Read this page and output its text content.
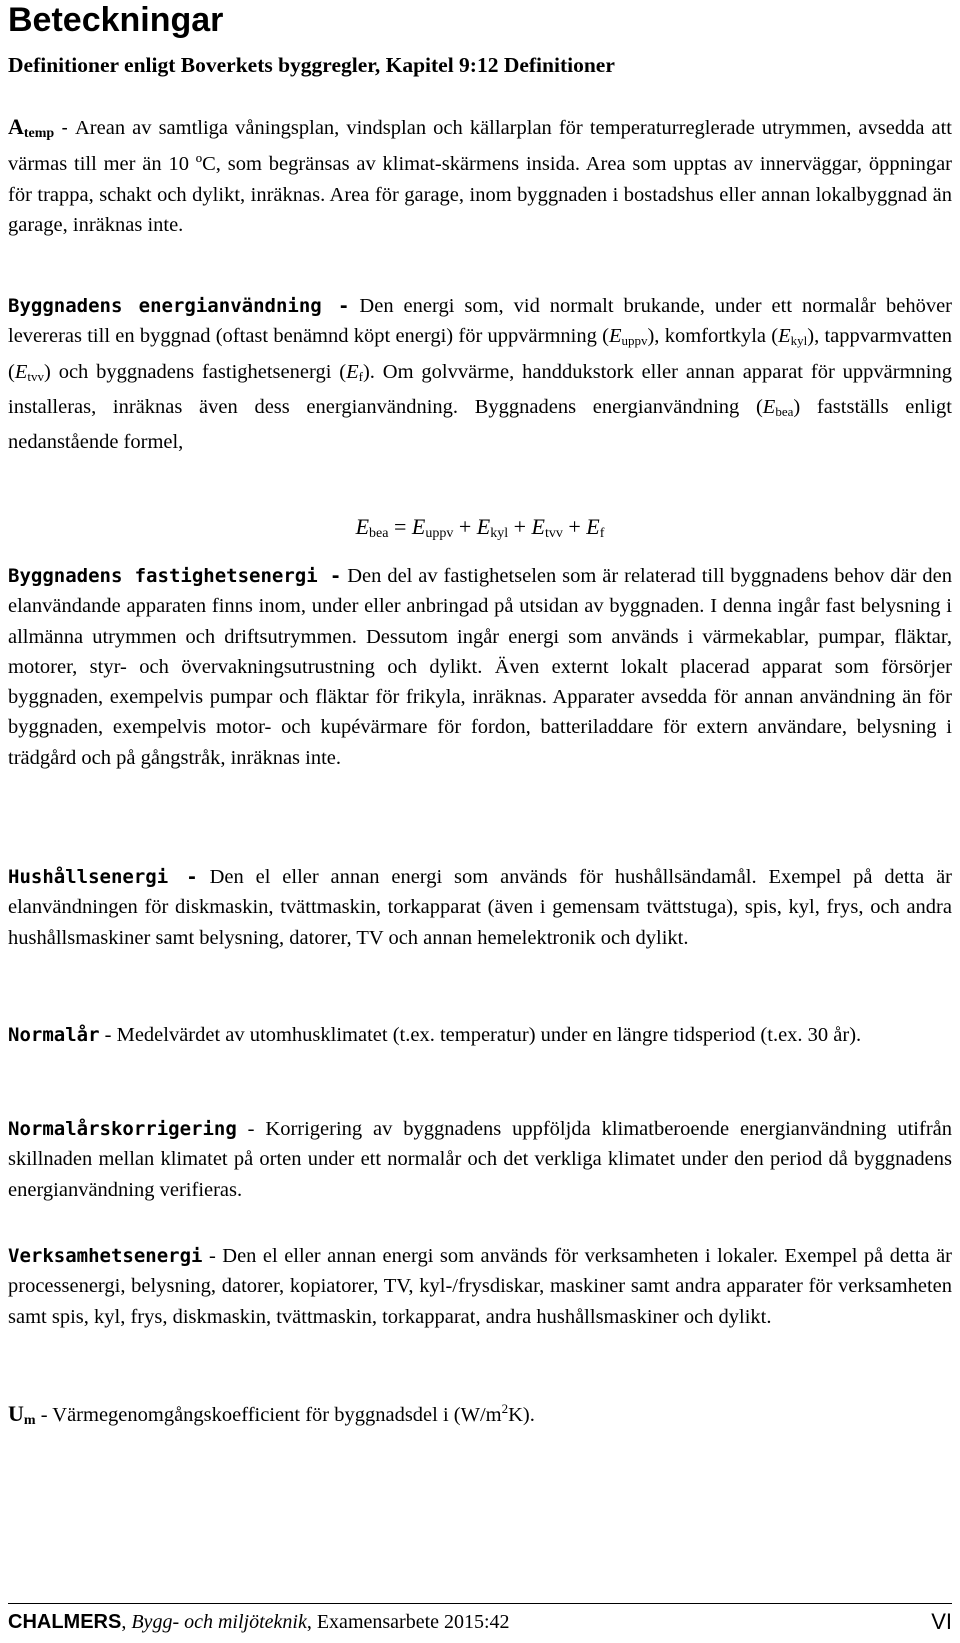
Beteckningar

Definitioner enligt Boverkets byggregler, Kapitel 9:12 Definitioner

$A_{temp}$ - Arean av samtliga våningsplan, vindsplan och källarplan för temperaturreglerade utrymmen, avsedda att värmas till mer än 10 ºC, som begränsas av klimat-skärmens insida. Area som upptas av innerväggar, öppningar för trappa, schakt och dylikt, inräknas. Area för garage, inom byggnaden i bostadshus eller annan lokalbyggnad än garage, inräknas inte.

Byggnadens energianvändning - Den energi som, vid normalt brukande, under ett normalår behöver levereras till en byggnad (oftast benämnd köpt energi) för uppvärmning $(E_{uppv})$, komfortkyla $(E_{kyl})$, tappvarmvatten $(E_{tvv})$ och byggnadens fastighetsenergi $(E_f)$. Om golvvärme, handdukstork eller annan apparat för uppvärmning installeras, inräknas även dess energianvändning. Byggnadens energianvändning $(E_{bea})$ fastställs enligt nedanstående formel,

$E_{bea} = E_{uppv} + E_{kyl} + E_{tvv} + E_f$

Byggnadens fastighetsenergi - Den del av fastighetselen som är relaterad till byggnadens behov där den elanvändande apparaten finns inom, under eller anbringad på utsidan av byggnaden. I denna ingår fast belysning i allmänna utrymmen och driftsutrymmen. Dessutom ingår energi som används i värmekablar, pumpar, fläktar, motorer, styr- och övervakningsutrustning och dylikt. Även externt lokalt placerad apparat som försörjer byggnaden, exempelvis pumpar och fläktar för frikyla, inräknas. Apparater avsedda för annan användning än för byggnaden, exempelvis motor- och kupévärmare för fordon, batteriladdare för extern användare, belysning i trädgård och på gångstråk, inräknas inte.

Hushållsenergi - Den el eller annan energi som används för hushållsändamål. Exempel på detta är elanvändningen för diskmaskin, tvättmaskin, torkapparat (även i gemensam tvättstuga), spis, kyl, frys, och andra hushållsmaskiner samt belysning, datorer, TV och annan hemelektronik och dylikt.

Normalår - Medelvärdet av utomhusklimatet (t.ex. temperatur) under en längre tidsperiod (t.ex. 30 år).

Normalårskorrigering - Korrigering av byggnadens uppföljda klimatberoende energianvändning utifrån skillnaden mellan klimatet på orten under ett normalår och det verkliga klimatet under den period då byggnadens energianvändning verifieras.

Verksamhetsenergi - Den el eller annan energi som används för verksamheten i lokaler. Exempel på detta är processenergi, belysning, datorer, kopiatorer, TV, kyl-/frysdiskar, maskiner samt andra apparater för verksamheten samt spis, kyl, frys, diskmaskin, tvättmaskin, torkapparat, andra hushållsmaskiner och dylikt.

$U_m$ - Värmegenomgångskoefficient för byggnadsdel i $(W/m^2K)$.

CHALMERS, Bygg- och miljöteknik, Examensarbete 2015:42	VI
